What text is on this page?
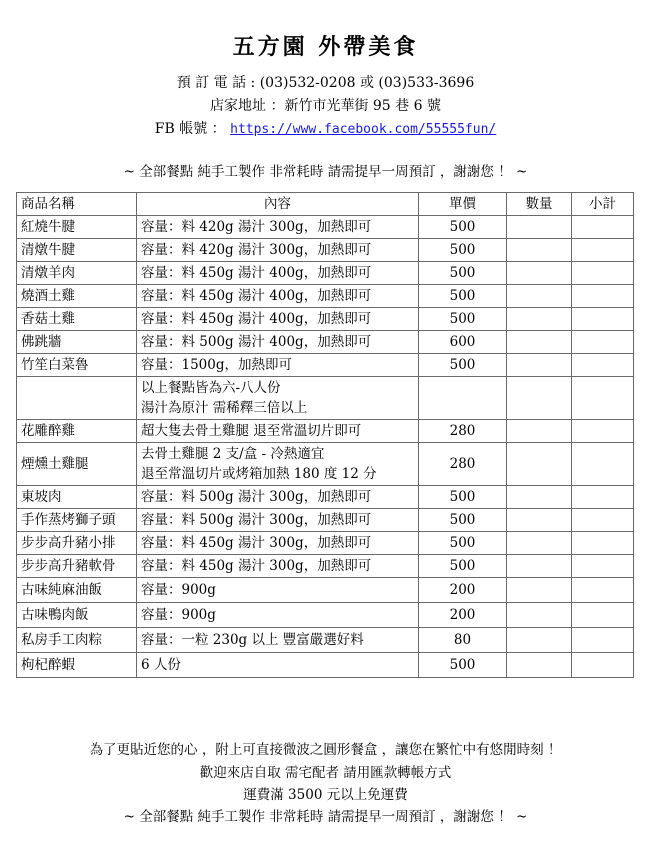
五方園 外帶美食
預 訂 電 話 : (03)532-0208 或 (03)533-3696
店家地址 ：新竹市光華街 95 巷 6 號
FB 帳號 ： https://www.facebook.com/55555fun/
~ 全部餐點 純手工製作 非常耗時 請需提早一周預訂 ，謝謝您 ！ ~
商品名稱	內容	單價	數量	小計
紅燒牛腱	容量：料 420g 湯汁 300g，加熱即可	500		
清燉牛腱	容量：料 420g 湯汁 300g，加熱即可	500		
清燉羊肉	容量：料 450g 湯汁 400g，加熱即可	500		
燒酒土雞	容量：料 450g 湯汁 400g，加熱即可	500		
香菇土雞	容量：料 450g 湯汁 400g，加熱即可	500		
佛跳牆	容量：料 500g 湯汁 400g，加熱即可	600		
竹笙白菜魯	容量：1500g，加熱即可	500		

	以上餐點皆為六-八人份
湯汁為原汁 需稀釋三倍以上			

花雕醉雞	超大隻去骨土雞腿 退至常溫切片即可	280		
煙燻土雞腿	去骨土雞腿 2 支/盒 - 冷熱適宜
退至常溫切片或烤箱加熱 180 度 12 分	280		
東坡肉	容量：料 500g 湯汁 300g，加熱即可	500		
手作蒸烤獅子頭	容量：料 500g 湯汁 300g，加熱即可	500		
步步高升豬小排	容量：料 450g 湯汁 300g，加熱即可	500		
步步高升豬軟骨	容量：料 450g 湯汁 300g，加熱即可	500		
古味純麻油飯	容量：900g	200		
古味鴨肉飯	容量：900g	200		
私房手工肉粽	容量：一粒 230g 以上 豐富嚴選好料	80		
枸杞醉蝦	6 人份	500		
為了更貼近您的心 ，附上可直接微波之圓形餐盒 ，讓您在繁忙中有悠閒時刻 ！
歡迎來店自取 需宅配者 請用匯款轉帳方式
運費滿 3500 元以上免運費
~ 全部餐點 純手工製作 非常耗時 請需提早一周預訂 ，謝謝您 ！ ~
